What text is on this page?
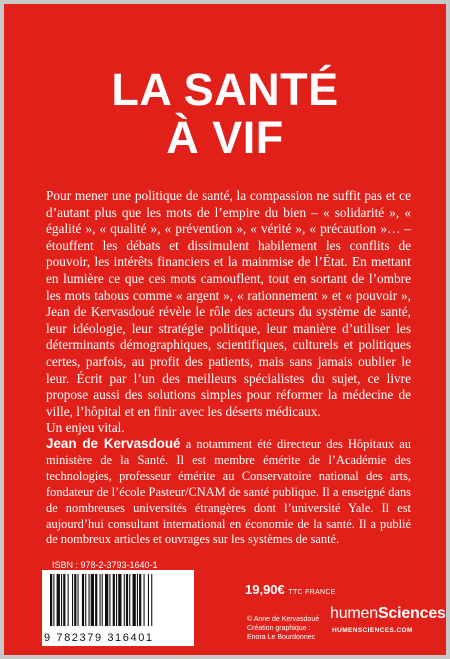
LA SANTÉ
À VIF

Pour mener une politique de santé, la compassion ne suffit pas et ce d’autant plus que les mots de l’empire du bien – « solidarité », « égalité », « qualité », « prévention », « vérité », « précaution »… – étouffent les débats et dissimulent habilement les conflits de pouvoir, les intérêts financiers et la mainmise de l’État. En mettant en lumière ce que ces mots camouflent, tout en sortant de l’ombre les mots tabous comme « argent », « rationnement » et « pouvoir », Jean de Kervasdoué révèle le rôle des acteurs du système de santé, leur idéologie, leur stratégie politique, leur manière d’utiliser les déterminants démographiques, scientifiques, culturels et politiques certes, parfois, au profit des patients, mais sans jamais oublier le leur. Écrit par l’un des meilleurs spécialistes du sujet, ce livre propose aussi des solutions simples pour réformer la médecine de ville, l’hôpital et en finir avec les déserts médicaux.

Un enjeu vital.

Jean de Kervasdoué a notamment été directeur des Hôpitaux au ministère de la Santé. Il est membre émérite de l’Académie des technologies, professeur émérite au Conservatoire national des arts, fondateur de l’école Pasteur/CNAM de santé publique. Il a enseigné dans de nombreuses universités étrangères dont l’université Yale. Il est aujourd’hui consultant international en économie de la santé. Il a publié de nombreux articles et ouvrages sur les systèmes de santé.
ISBN : 978-2-3793-1640-1
9 782379 316401
19,90€ TTC FRANCE
© Anne de Kervasdoué
Création graphique :
Enora Le Bourdonnec
humenSciences
HUMENSCIENCES.COM
